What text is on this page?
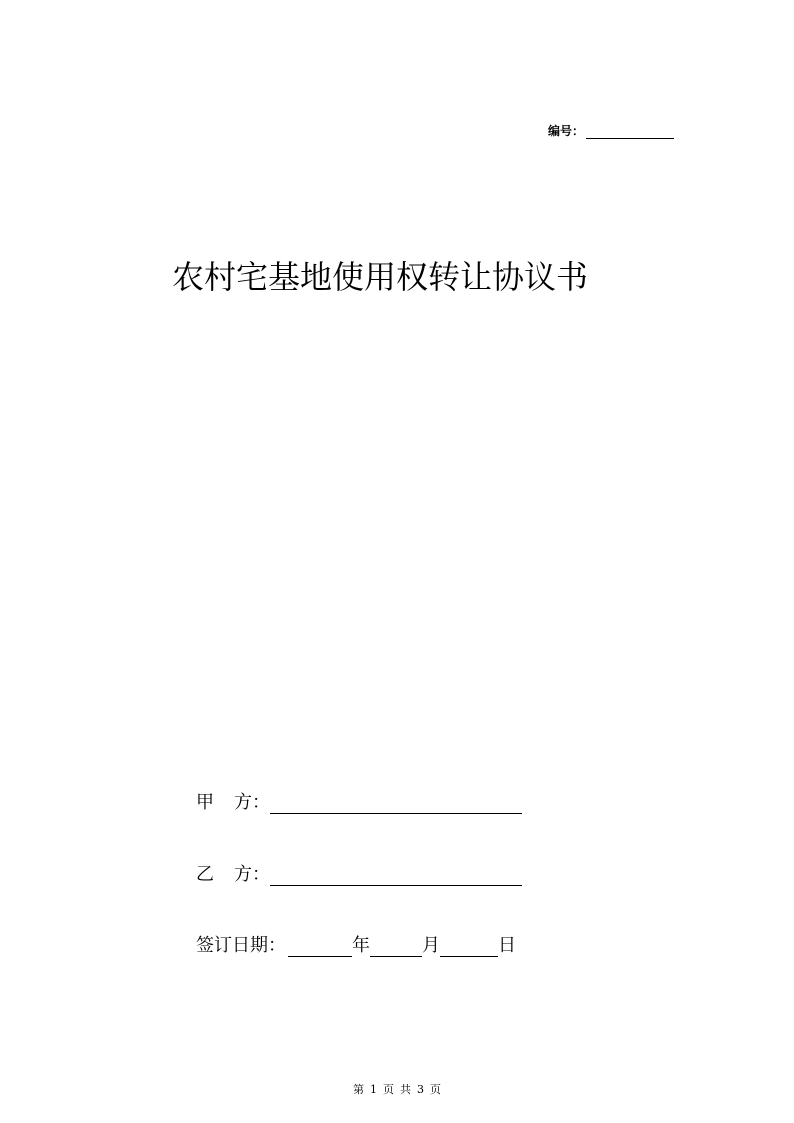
编号：
农村宅基地使用权转让协议书
甲 方：
乙 方：
签订日期：	年	月	日
第 1 页 共 3 页
